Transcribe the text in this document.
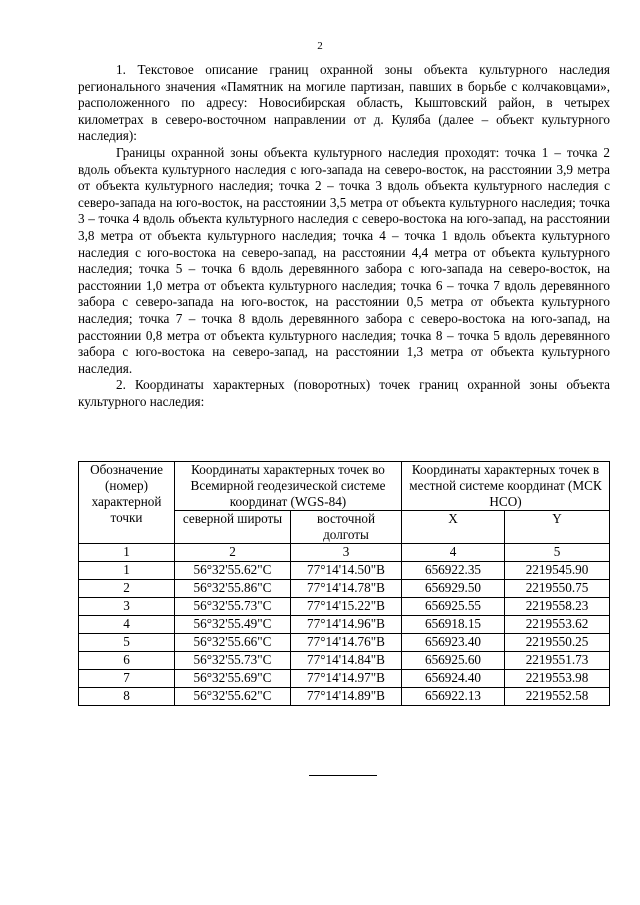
2

1. Текстовое описание границ охранной зоны объекта культурного наследия регионального значения «Памятник на могиле партизан, павших в борьбе с колчаковцами», расположенного по адресу: Новосибирская область, Кыштовский район, в четырех километрах в северо-восточном направлении от д. Куляба (далее – объект культурного наследия):

Границы охранной зоны объекта культурного наследия проходят: точка 1 – точка 2 вдоль объекта культурного наследия с юго-запада на северо-восток, на расстоянии 3,9 метра от объекта культурного наследия; точка 2 – точка 3 вдоль объекта культурного наследия с северо-запада на юго-восток, на расстоянии 3,5 метра от объекта культурного наследия; точка 3 – точка 4 вдоль объекта культурного наследия с северо-востока на юго-запад, на расстоянии 3,8 метра от объекта культурного наследия; точка 4 – точка 1 вдоль объекта культурного наследия с юго-востока на северо-запад, на расстоянии 4,4 метра от объекта культурного наследия; точка 5 – точка 6 вдоль деревянного забора с юго-запада на северо-восток, на расстоянии 1,0 метра от объекта культурного наследия; точка 6 – точка 7 вдоль деревянного забора с северо-запада на юго-восток, на расстоянии 0,5 метра от объекта культурного наследия; точка 7 – точка 8 вдоль деревянного забора с северо-востока на юго-запад, на расстоянии 0,8 метра от объекта культурного наследия; точка 8 – точка 5 вдоль деревянного забора с юго-востока на северо-запад, на расстоянии 1,3 метра от объекта культурного наследия.

2. Координаты характерных (поворотных) точек границ охранной зоны объекта культурного наследия:

Обозначение (номер) характерной точки	Координаты характерных точек во Всемирной геодезической системе координат (WGS-84)		Координаты характерных точек в местной системе координат (МСК НСО)	
	северной широты	восточной долготы	X	Y
1	2	3	4	5
1	56°32'55.62"С	77°14'14.50"В	656922.35	2219545.90
2	56°32'55.86"С	77°14'14.78"В	656929.50	2219550.75
3	56°32'55.73"С	77°14'15.22"В	656925.55	2219558.23
4	56°32'55.49"С	77°14'14.96"В	656918.15	2219553.62
5	56°32'55.66"С	77°14'14.76"В	656923.40	2219550.25
6	56°32'55.73"С	77°14'14.84"В	656925.60	2219551.73
7	56°32'55.69"С	77°14'14.97"В	656924.40	2219553.98
8	56°32'55.62"С	77°14'14.89"В	656922.13	2219552.58
